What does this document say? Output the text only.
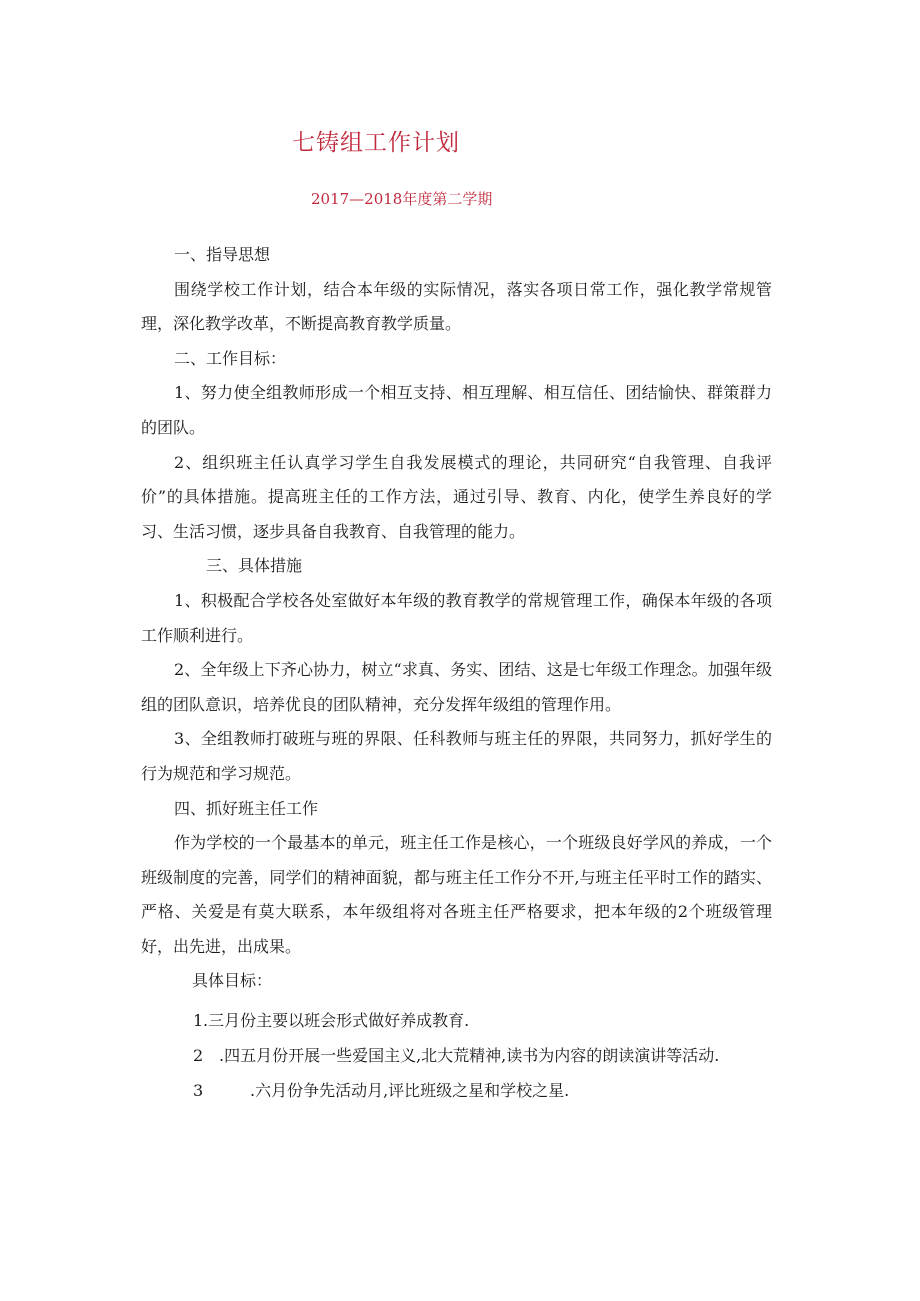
七铸组工作计划
2017—2018年度第二学期

一、指导思想

围绕学校工作计划，结合本年级的实际情况，落实各项日常工作，强化教学常规管理，深化教学改革，不断提高教育教学质量。

二、工作目标：

1、努力使全组教师形成一个相互支持、相互理解、相互信任、团结愉快、群策群力的团队。

2、组织班主任认真学习学生自我发展模式的理论，共同研究“自我管理、自我评价”的具体措施。提高班主任的工作方法，通过引导、教育、内化，使学生养良好的学习、生活习惯，逐步具备自我教育、自我管理的能力。

三、具体措施

1、积极配合学校各处室做好本年级的教育教学的常规管理工作，确保本年级的各项工作顺利进行。

2、全年级上下齐心协力，树立“求真、务实、团结、这是七年级工作理念。加强年级组的团队意识，培养优良的团队精神，充分发挥年级组的管理作用。

3、全组教师打破班与班的界限、任科教师与班主任的界限，共同努力，抓好学生的行为规范和学习规范。

四、抓好班主任工作

作为学校的一个最基本的单元，班主任工作是核心，一个班级良好学风的养成，一个班级制度的完善，同学们的精神面貌，都与班主任工作分不开,与班主任平时工作的踏实、严格、关爱是有莫大联系，本年级组将对各班主任严格要求，把本年级的2个班级管理好，出先进，出成果。

具体目标：

1 .三月份主要以班会形式做好养成教育.
2 .四五月份开展一些爱国主义,北大荒精神,读书为内容的朗读演讲等活动.
3	.六月份争先活动月,评比班级之星和学校之星.
